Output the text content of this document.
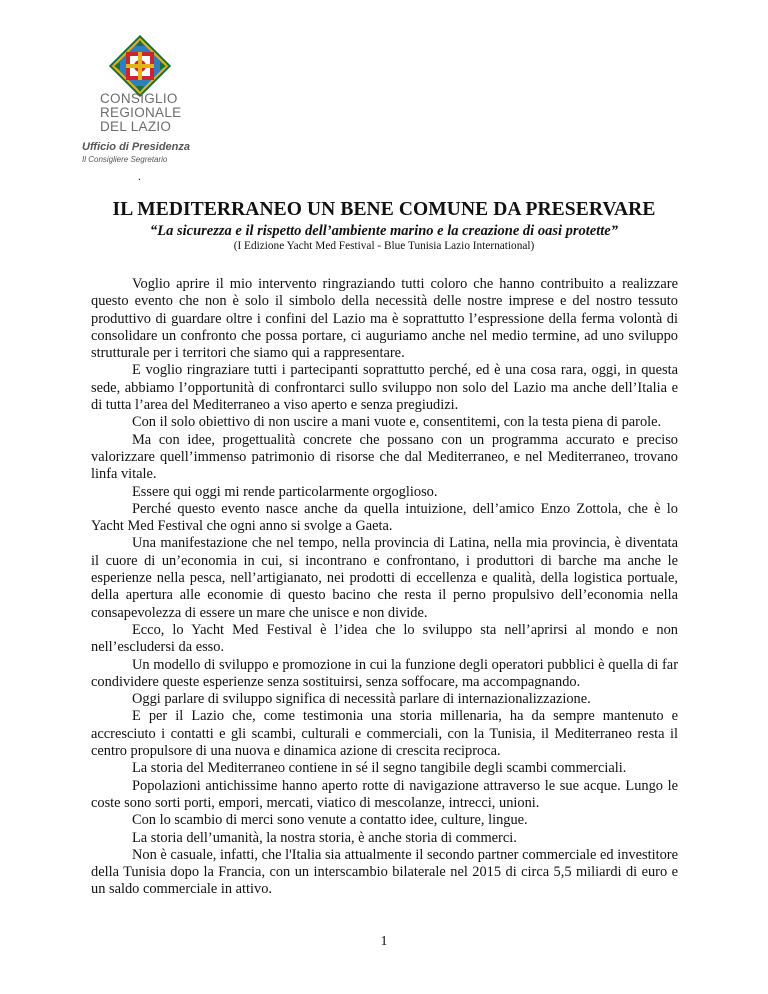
CONSIGLIO
REGIONALE
DEL LAZIO
Ufficio di Presidenza
Il Consigliere Segretario
.
IL MEDITERRANEO UN BENE COMUNE DA PRESERVARE
“La sicurezza e il rispetto dell’ambiente marino e la creazione di oasi protette”
(I Edizione Yacht Med Festival - Blue Tunisia Lazio International)

Voglio aprire il mio intervento ringraziando tutti coloro che hanno contribuito a realizzare questo evento che non è solo il simbolo della necessità delle nostre imprese e del nostro tessuto produttivo di guardare oltre i confini del Lazio ma è soprattutto l’espressione della ferma volontà di consolidare un confronto che possa portare, ci auguriamo anche nel medio termine, ad uno sviluppo strutturale per i territori che siamo qui a rappresentare.

E voglio ringraziare tutti i partecipanti soprattutto perché, ed è una cosa rara, oggi, in questa sede, abbiamo l’opportunità di confrontarci sullo sviluppo non solo del Lazio ma anche dell’Italia e di tutta l’area del Mediterraneo a viso aperto e senza pregiudizi.

Con il solo obiettivo di non uscire a mani vuote e, consentitemi, con la testa piena di parole.

Ma con idee, progettualità concrete che possano con un programma accurato e preciso valorizzare quell’immenso patrimonio di risorse che dal Mediterraneo, e nel Mediterraneo, trovano linfa vitale.

Essere qui oggi mi rende particolarmente orgoglioso.

Perché questo evento nasce anche da quella intuizione, dell’amico Enzo Zottola, che è lo Yacht Med Festival che ogni anno si svolge a Gaeta.

Una manifestazione che nel tempo, nella provincia di Latina, nella mia provincia, è diventata il cuore di un’economia in cui, si incontrano e confrontano, i produttori di barche ma anche le esperienze nella pesca, nell’artigianato, nei prodotti di eccellenza e qualità, della logistica portuale, della apertura alle economie di questo bacino che resta il perno propulsivo dell’economia nella consapevolezza di essere un mare che unisce e non divide.

Ecco, lo Yacht Med Festival è l’idea che lo sviluppo sta nell’aprirsi al mondo e non nell’escludersi da esso.

Un modello di sviluppo e promozione in cui la funzione degli operatori pubblici è quella di far condividere queste esperienze senza sostituirsi, senza soffocare, ma accompagnando.

Oggi parlare di sviluppo significa di necessità parlare di internazionalizzazione.

E per il Lazio che, come testimonia una storia millenaria, ha da sempre mantenuto e accresciuto i contatti e gli scambi, culturali e commerciali, con la Tunisia, il Mediterraneo resta il centro propulsore di una nuova e dinamica azione di crescita reciproca.

La storia del Mediterraneo contiene in sé il segno tangibile degli scambi commerciali.

Popolazioni antichissime hanno aperto rotte di navigazione attraverso le sue acque. Lungo le coste sono sorti porti, empori, mercati, viatico di mescolanze, intrecci, unioni.

Con lo scambio di merci sono venute a contatto idee, culture, lingue.

La storia dell’umanità, la nostra storia, è anche storia di commerci.

Non è casuale, infatti, che l'Italia sia attualmente il secondo partner commerciale ed investitore della Tunisia dopo la Francia, con un interscambio bilaterale nel 2015 di circa 5,5 miliardi di euro e un saldo commerciale in attivo.

1
